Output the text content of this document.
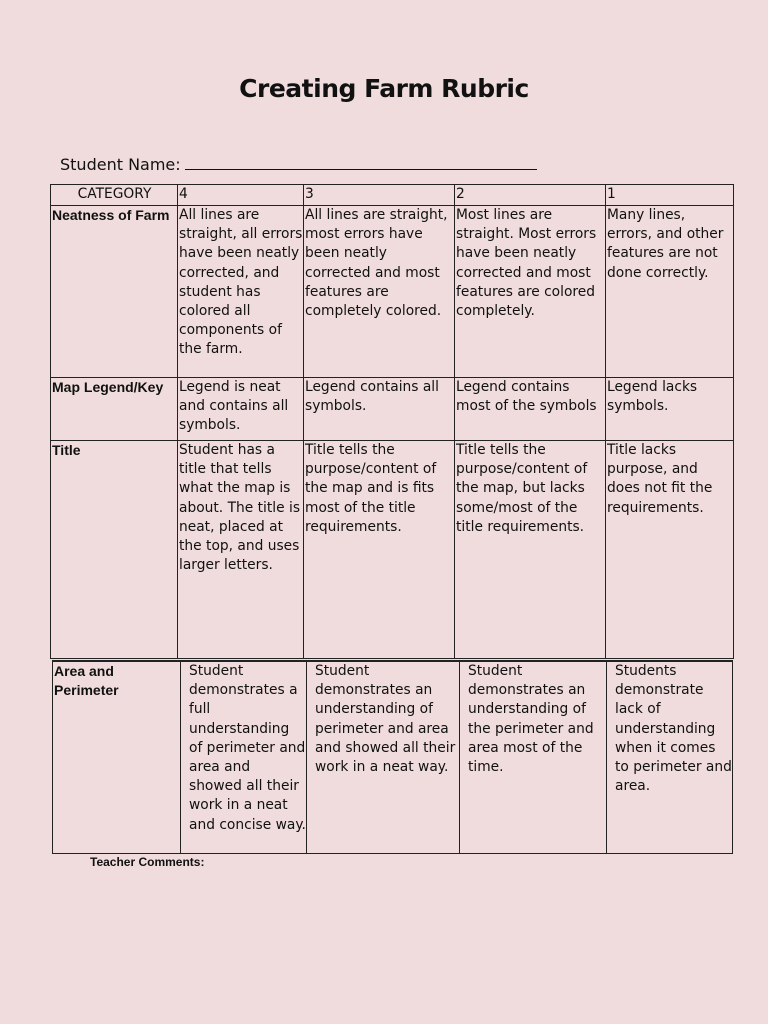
Creating Farm Rubric
Student Name:
CATEGORY	4	3	2	1
Neatness of Farm	All lines are straight, all errors have been neatly corrected, and student has colored all components of the farm.	All lines are straight, most errors have been neatly corrected and most features are completely colored.	Most lines are straight. Most errors have been neatly corrected and most features are colored completely.	Many lines, errors, and other features are not done correctly.
Map Legend/Key	Legend is neat and contains all symbols.	Legend contains all symbols.	Legend contains most of the symbols	Legend lacks symbols.
Title	Student has a title that tells what the map is about. The title is neat, placed at the top, and uses larger letters.	Title tells the purpose/content of the map and is fits most of the title requirements.	Title tells the purpose/content of the map, but lacks some/most of the title requirements.	Title lacks purpose, and does not fit the requirements.
Area and Perimeter	Student demonstrates a full understanding of perimeter and area and showed all their work in a neat and concise way.	Student demonstrates an understanding of perimeter and area and showed all their work in a neat way.	Student demonstrates an understanding of the perimeter and area most of the time.	Students demonstrate lack of understanding when it comes to perimeter and area.
Teacher Comments:
